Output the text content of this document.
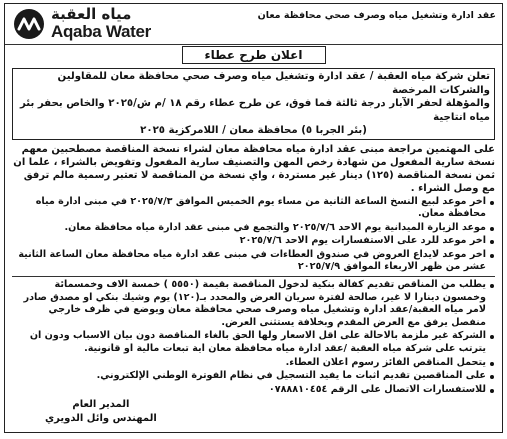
مياه العقبة
Aqaba Water
عقد ادارة وتشغيل مياه وصرف صحي محافظة معان
اعلان طرح عطاء
تعلن شركة مياه العقبة / عقد ادارة وتشغيل مياه وصرف صحي محافظة معان للمقاولين والشركات المرخصة
والمؤهلة لحفر الآبار درجة ثالثة فما فوق، عن طرح عطاء رقم ١٨ /م ش/٢٠٢٥ والخاص بحفر بئر مياه انتاجية
(بئر الجربا ٥) محافظة معان / اللامركزية ٢٠٢٥
على المهتمين مراجعة مبنى عقد ادارة مياه محافظة معان لشراء نسخة المناقصة مصطحبين معهم نسخة سارية المفعول من شهادة رخص المهن والتصنيف سارية المفعول وتفويض بالشراء ، علما ان ثمن نسخة المناقصة (١٢٥) دينار غير مستردة ، واي نسخة من المناقصة لا تعتبر رسمية مالم ترفق مع وصل الشراء .
اخر موعد لبيع النسخ الساعة الثانية من مساء يوم الخميس الموافق ٢٠٢٥/٧/٣ في مبنى ادارة مياه محافظة معان.
موعد الزيارة الميدانية يوم الاحد ٢٠٢٥/٧/٦ والتجمع في مبنى عقد ادارة مياه محافظة معان.
اخر موعد للرد على الاستفسارات يوم الاحد ٢٠٢٥/٧/٦
اخر موعد لايداع العروض في صندوق العطاءات في مبنى عقد ادارة مياه محافظة معان الساعة الثانية عشر من ظهر الاربعاء الموافق ٢٠٢٥/٧/٩
يطلب من المناقص تقديم كفالة بنكية لدخول المناقصة بقيمة (٥٥٥٠ ) خمسة الاف وخمسمائة وخمسون دينارا لا غير، صالحة لفترة سريان العرض والمحدد بـ(١٢٠) يوم وشيك بنكي او مصدق صادر لامر مياه العقبة/عقد ادارة وتشغيل مياه وصرف صحي محافظة معان ويوضع في ظرف خارجي منفصل يرفق مع العرض المقدم وبخلافة يستثنى العرض.
الشركة غير ملزمة بالاحالة على اقل الاسعار ولها الحق بالغاء المناقصة دون بيان الاسباب ودون ان يترتب على شركة مياه العقبة /عقد ادارة مياه محافظة معان اية تبعات مالية او قانونية.
يتحمل المناقص الفائز رسوم اعلان العطاء.
على المناقصين تقديم اثبات ما يفيد التسجيل في نظام الفوترة الوطني الإلكتروني.
للاستفسارات الاتصال على الرقم ٠٧٨٨٨١٠٤٥٤
المدير العام
المهندس وائل الدويري
